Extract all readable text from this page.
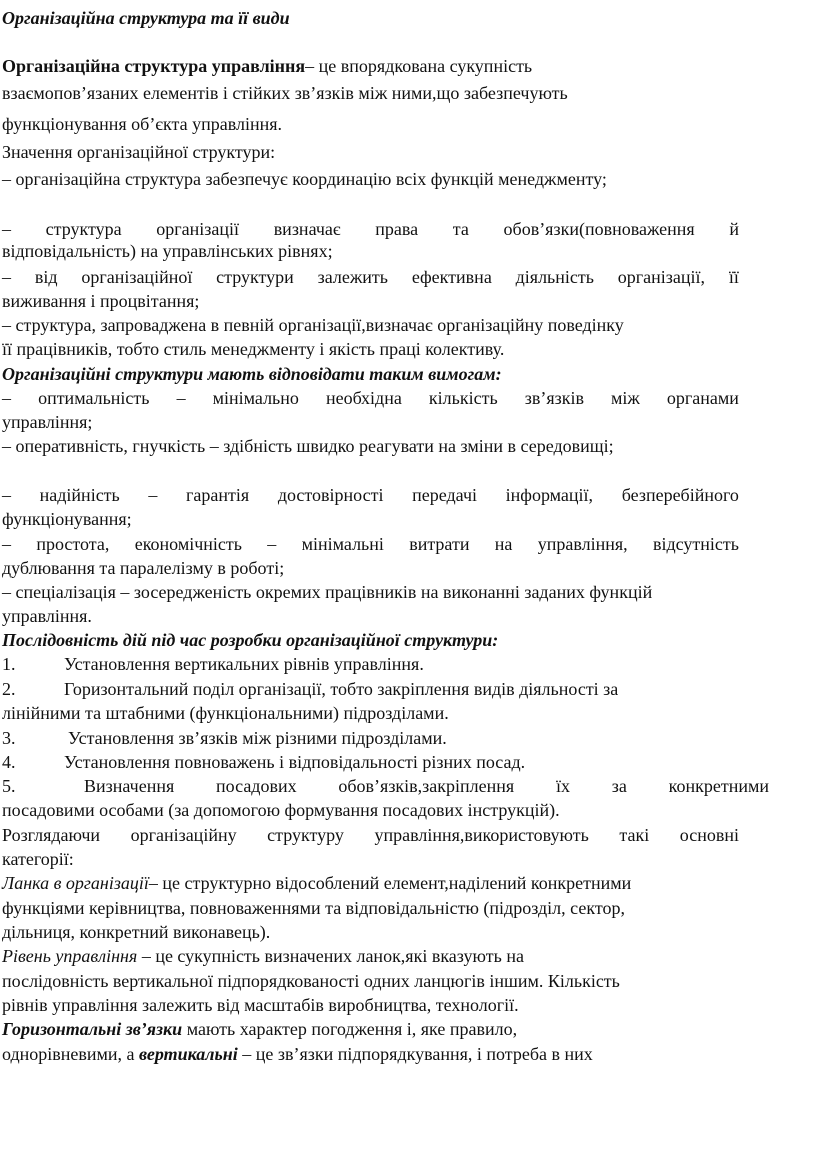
Організаційна структура та її види
Організаційна структура управління– це впорядкована сукупність
взаємопов’язаних елементів і стійких зв’язків між ними,що забезпечують
функціонування об’єкта управління.
Значення організаційної структури:
– організаційна структура забезпечує координацію всіх функцій менеджменту;
– структура організації визначає права та обов’язки(повноваження й
відповідальність) на управлінських рівнях;
– від організаційної структури залежить ефективна діяльність організації, її
виживання і процвітання;
– структура, запроваджена в певній організації,визначає організаційну поведінку
її працівників, тобто стиль менеджменту і якість праці колективу.
Організаційні структури мають відповідати таким вимогам:
– оптимальність – мінімально необхідна кількість зв’язків між органами
управління;
– оперативність, гнучкість – здібність швидко реагувати на зміни в середовищі;
– надійність – гарантія достовірності передачі інформації, безперебійного
функціонування;
– простота, економічність – мінімальні витрати на управління, відсутність
дублювання та паралелізму в роботі;
– спеціалізація – зосередженість окремих працівників на виконанні заданих функцій
управління.
Послідовність дій під час розробки організаційної структури:
1.	Установлення вертикальних рівнів управління.
2.	Горизонтальний поділ організації, тобто закріплення видів діяльності за
лінійними та штабними (функціональними) підрозділами.
3.	Установлення зв’язків між різними підрозділами.
4.	Установлення повноважень і відповідальності різних посад.
5.	Визначення посадових обов’язків,закріплення їх за конкретними
посадовими особами (за допомогою формування посадових інструкцій).
Розглядаючи організаційну структуру управління,використовують такі основні
категорії:
Ланка в організації– це структурно відособлений елемент,наділений конкретними
функціями керівництва, повноваженнями та відповідальністю (підрозділ, сектор,
дільниця, конкретний виконавець).
Рівень управління – це сукупність визначених ланок,які вказують на
послідовність вертикальної підпорядкованості одних ланцюгів іншим. Кількість
рівнів управління залежить від масштабів виробництва, технології.
Горизонтальні зв’язки мають характер погодження і, яке правило,
однорівневими, а вертикальні – це зв’язки підпорядкування, і потреба в них
